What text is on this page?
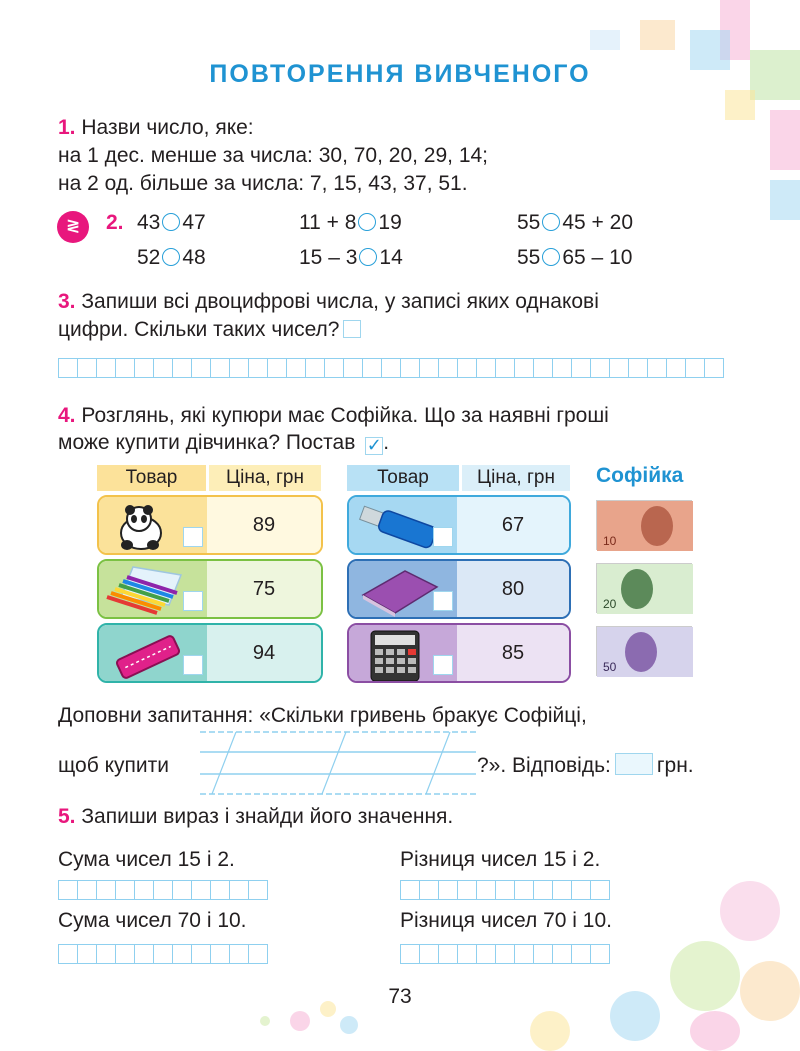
ПОВТОРЕННЯ ВИВЧЕНОГО
1. Назви число, яке:
на 1 дес. менше за числа: 30, 70, 20, 29, 14;
на 2 од. більше за числа: 7, 15, 43, 37, 51.
≷	2. 43 47	11 + 8 19	55 45 + 20
52 48	15 – 3 14	55 65 – 10
3. Запиши всі двоцифрові числа, у записі яких однакові
цифри. Скільки таких чисел?
4. Розглянь, які купюри має Софійка. Що за наявні гроші
може купити дівчинка? Постав ✓.
Товар	Ціна, грн
89
75
94
Товар	Ціна, грн
67
80
85
Софійка
10
20
50
Доповни запитання: «Скільки гривень бракує Софійці,
щоб купити	?». Відповідь: грн.
5. Запиши вираз і знайди його значення.
Сума чисел 15 і 2.	Різниця чисел 15 і 2.
Сума чисел 70 і 10.	Різниця чисел 70 і 10.
73
